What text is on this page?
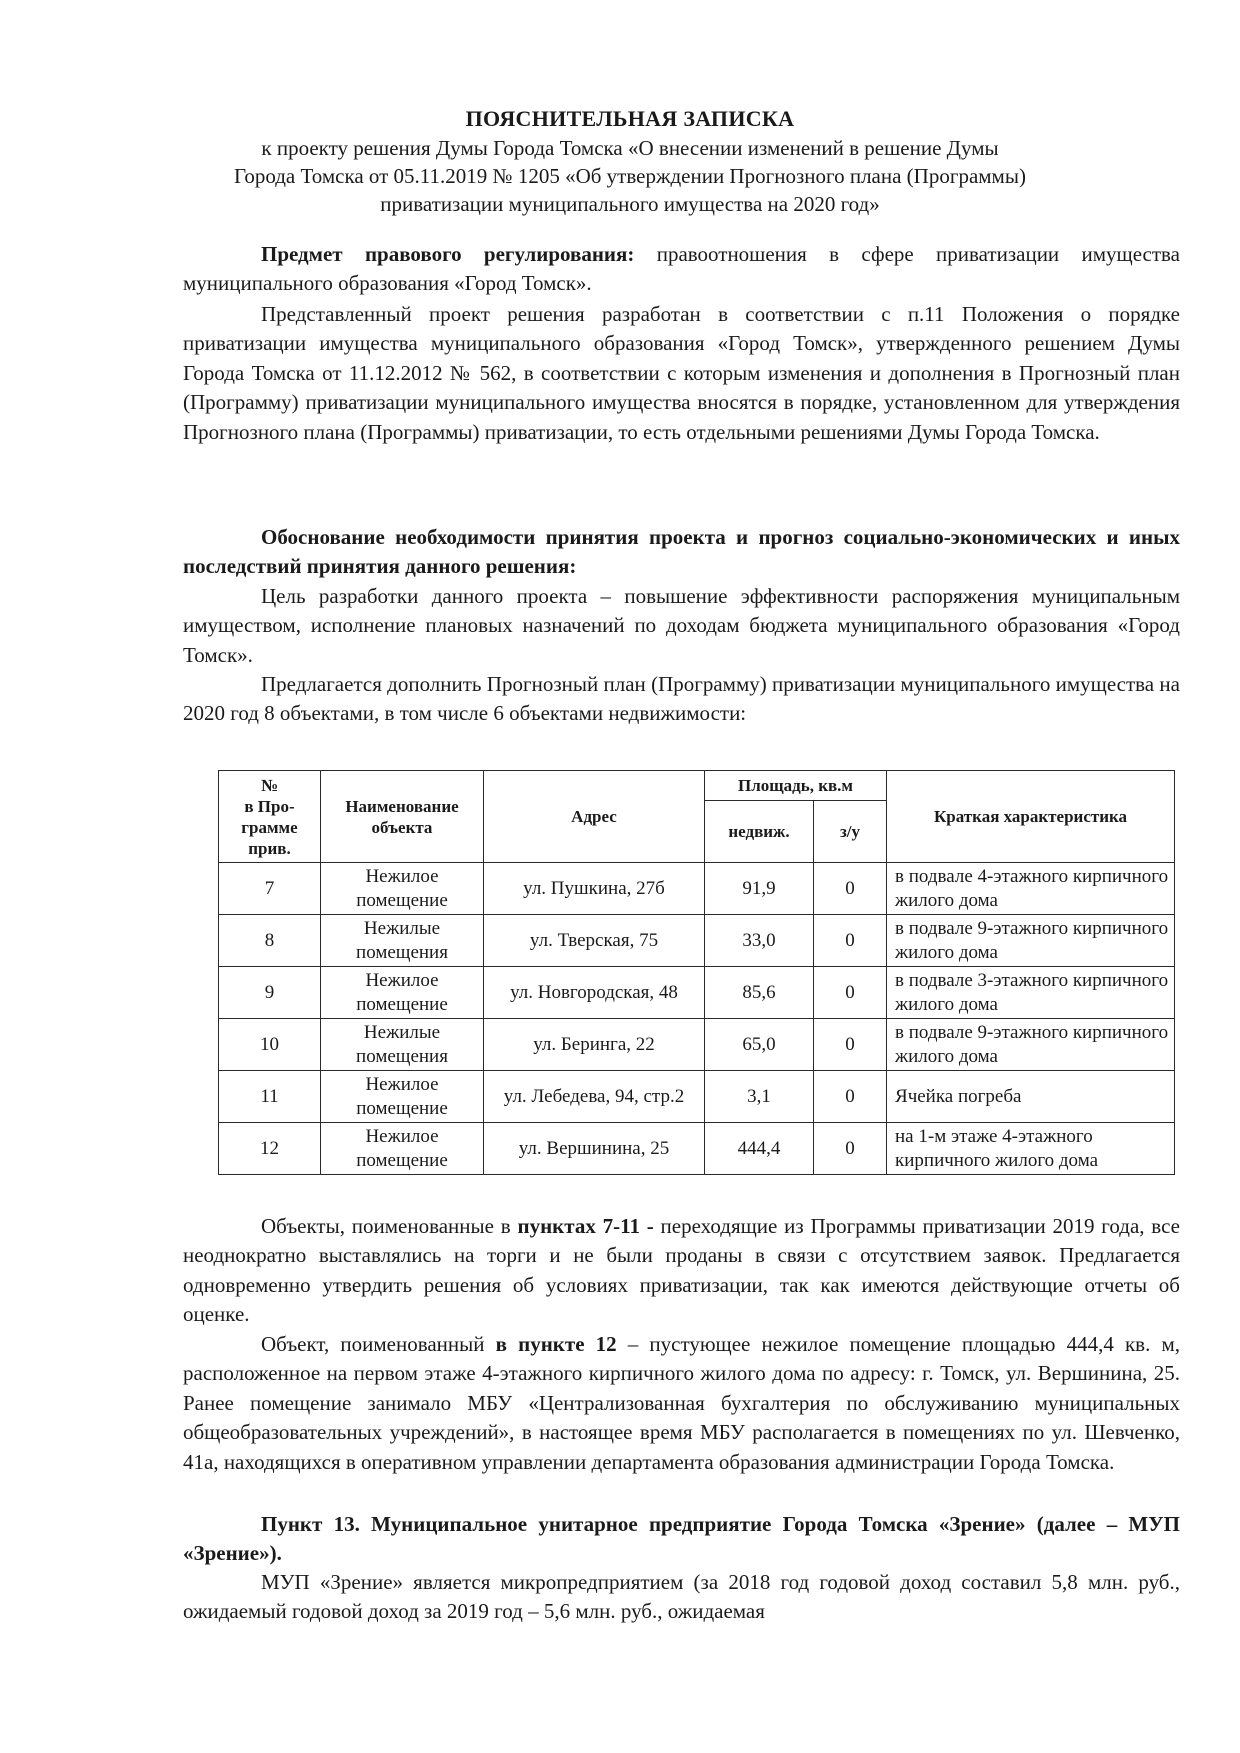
ПОЯСНИТЕЛЬНАЯ ЗАПИСКА
к проекту решения Думы Города Томска «О внесении изменений в решение Думы
Города Томска от 05.11.2019 № 1205 «Об утверждении Прогнозного плана (Программы)
приватизации муниципального имущества на 2020 год»

Предмет правового регулирования: правоотношения в сфере приватизации имущества муниципального образования «Город Томск».

Представленный проект решения разработан в соответствии с п.11 Положения о порядке приватизации имущества муниципального образования «Город Томск», утвержденного решением Думы Города Томска от 11.12.2012 № 562, в соответствии с которым изменения и дополнения в Прогнозный план (Программу) приватизации муниципального имущества вносятся в порядке, установленном для утверждения Прогнозного плана (Программы) приватизации, то есть отдельными решениями Думы Города Томска.

Обоснование необходимости принятия проекта и прогноз социально-экономических и иных последствий принятия данного решения:

Цель разработки данного проекта – повышение эффективности распоряжения муниципальным имуществом, исполнение плановых назначений по доходам бюджета муниципального образования «Город Томск».

Предлагается дополнить Прогнозный план (Программу) приватизации муниципального имущества на 2020 год 8 объектами, в том числе 6 объектами недвижимости:

№
в Про-
грамме
прив.	Наименование объекта	Адрес	Площадь, кв.м		Краткая характеристика
			недвиж.	з/у	
7	Нежилое помещение	ул. Пушкина, 27б	91,9	0	в подвале 4-этажного кирпичного жилого дома
8	Нежилые помещения	ул. Тверская, 75	33,0	0	в подвале 9-этажного кирпичного жилого дома
9	Нежилое помещение	ул. Новгородская, 48	85,6	0	в подвале 3-этажного кирпичного жилого дома
10	Нежилые помещения	ул. Беринга, 22	65,0	0	в подвале 9-этажного кирпичного жилого дома
11	Нежилое помещение	ул. Лебедева, 94, стр.2	3,1	0	Ячейка погреба
12	Нежилое помещение	ул. Вершинина, 25	444,4	0	на 1-м этаже 4-этажного кирпичного жилого дома

Объекты, поименованные в пунктах 7-11 - переходящие из Программы приватизации 2019 года, все неоднократно выставлялись на торги и не были проданы в связи с отсутствием заявок. Предлагается одновременно утвердить решения об условиях приватизации, так как имеются действующие отчеты об оценке.

Объект, поименованный в пункте 12 – пустующее нежилое помещение площадью 444,4 кв. м, расположенное на первом этаже 4-этажного кирпичного жилого дома по адресу: г. Томск, ул. Вершинина, 25. Ранее помещение занимало МБУ «Централизованная бухгалтерия по обслуживанию муниципальных общеобразовательных учреждений», в настоящее время МБУ располагается в помещениях по ул. Шевченко, 41а, находящихся в оперативном управлении департамента образования администрации Города Томска.

Пункт 13. Муниципальное унитарное предприятие Города Томска «Зрение» (далее – МУП «Зрение»).

МУП «Зрение» является микропредприятием (за 2018 год годовой доход составил 5,8 млн. руб., ожидаемый годовой доход за 2019 год – 5,6 млн. руб., ожидаемая
